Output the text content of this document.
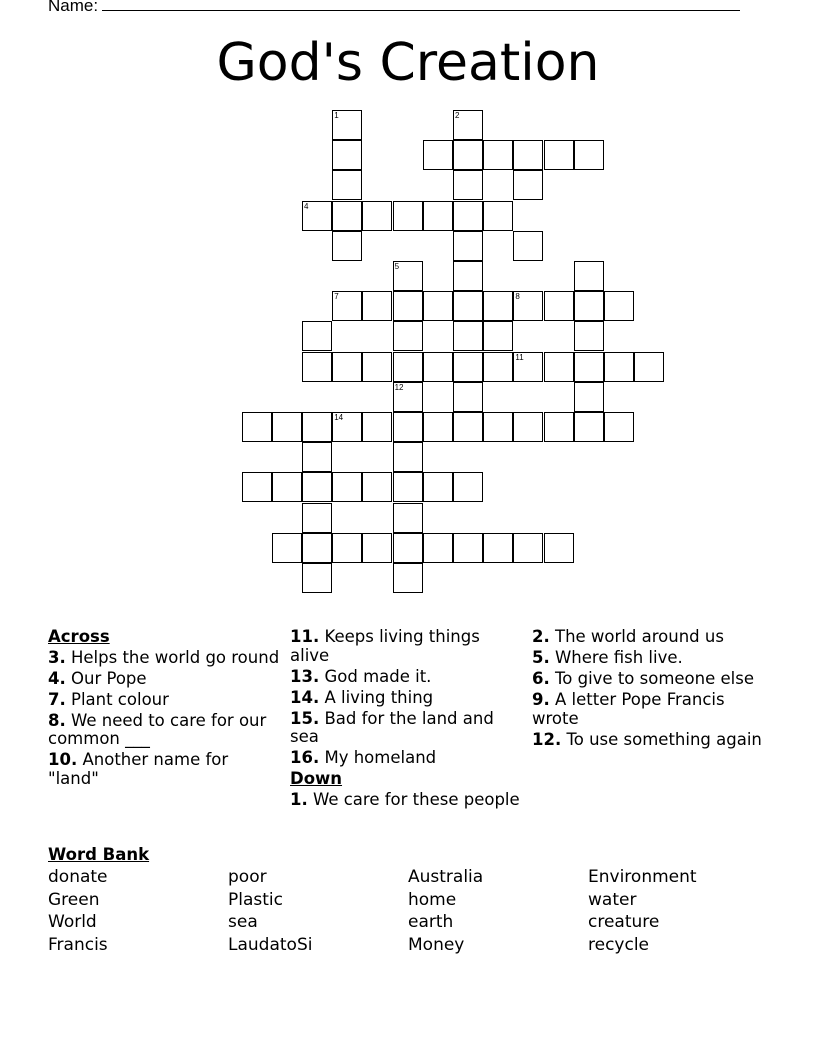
Name:
God's Creation
4
5
7	8
11
12
14
1	2
Across
3. Helps the world go round
4. Our Pope
7. Plant colour
8. We need to care for our common ___
10. Another name for "land"
11. Keeps living things alive
13. God made it.
14. A living thing
15. Bad for the land and sea
16. My homeland
Down
1. We care for these people
2. The world around us
5. Where fish live.
6. To give to someone else
9. A letter Pope Francis wrote
12. To use something again
Word Bank
donate
Green
World
Francis
poor
Plastic
sea
LaudatoSi
Australia
home
earth
Money
Environment
water
creature
recycle
